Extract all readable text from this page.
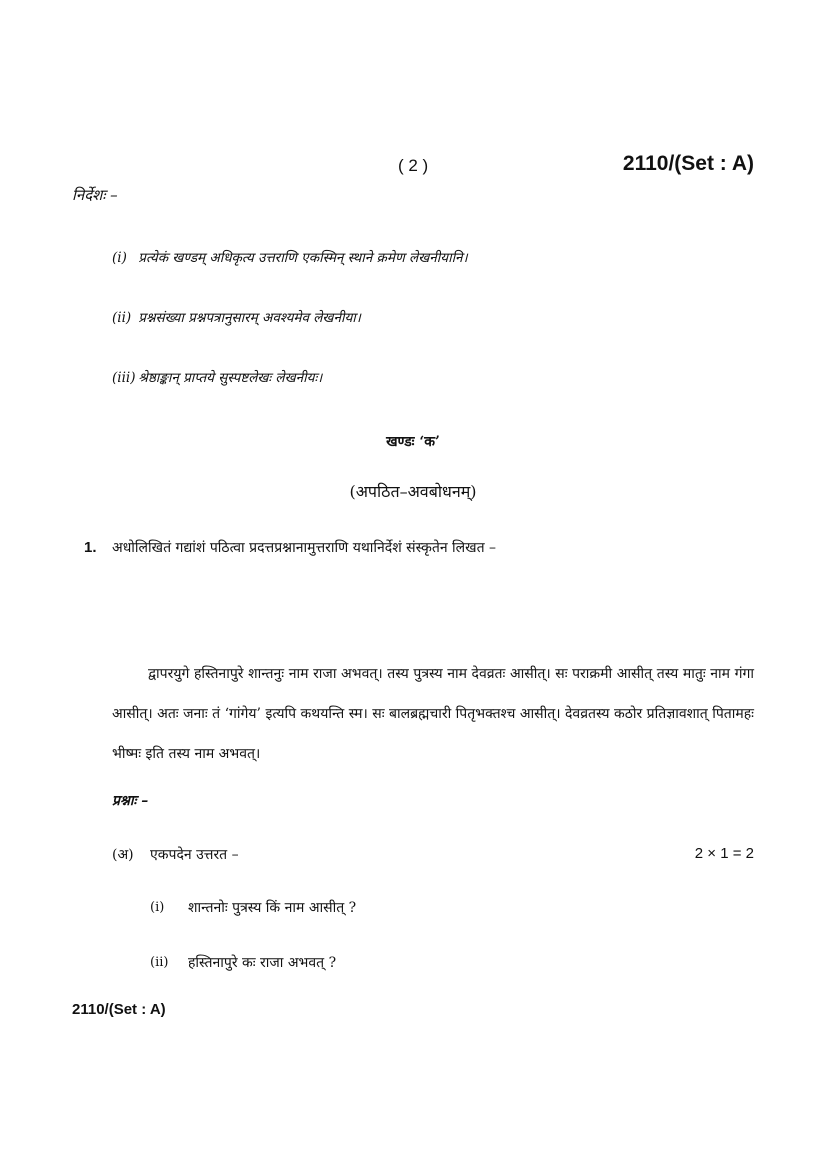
( 2 )	2110/(Set : A)
निर्देशः –
(i) प्रत्येकं खण्डम् अधिकृत्य उत्तराणि एकस्मिन् स्थाने क्रमेण लेखनीयानि।
(ii) प्रश्नसंख्या प्रश्नपत्रानुसारम् अवश्यमेव लेखनीया।
(iii) श्रेष्ठाङ्कान् प्राप्तये सुस्पष्टलेखः लेखनीयः।
खण्डः ‘क’
(अपठित–अवबोधनम्)
1. अधोलिखितं गद्यांशं पठित्वा प्रदत्तप्रश्नानामुत्तराणि यथानिर्देशं संस्कृतेन लिखत –

द्वापरयुगे हस्तिनापुरे शान्तनुः नाम राजा अभवत्। तस्य पुत्रस्य नाम देवव्रतः आसीत्। सः पराक्रमी आसीत् तस्य मातुः नाम गंगा आसीत्। अतः जनाः तं ‘गांगेय’ इत्यपि कथयन्ति स्म। सः बालब्रह्मचारी पितृभक्तश्च आसीत्। देवव्रतस्य कठोर प्रतिज्ञावशात् पितामहः भीष्मः इति तस्य नाम अभवत्।

प्रश्नाः –
(अ) एकपदेन उत्तरत –	2 × 1 = 2
(i) शान्तनोः पुत्रस्य किं नाम आसीत् ?
(ii) हस्तिनापुरे कः राजा अभवत् ?
2110/(Set : A)
